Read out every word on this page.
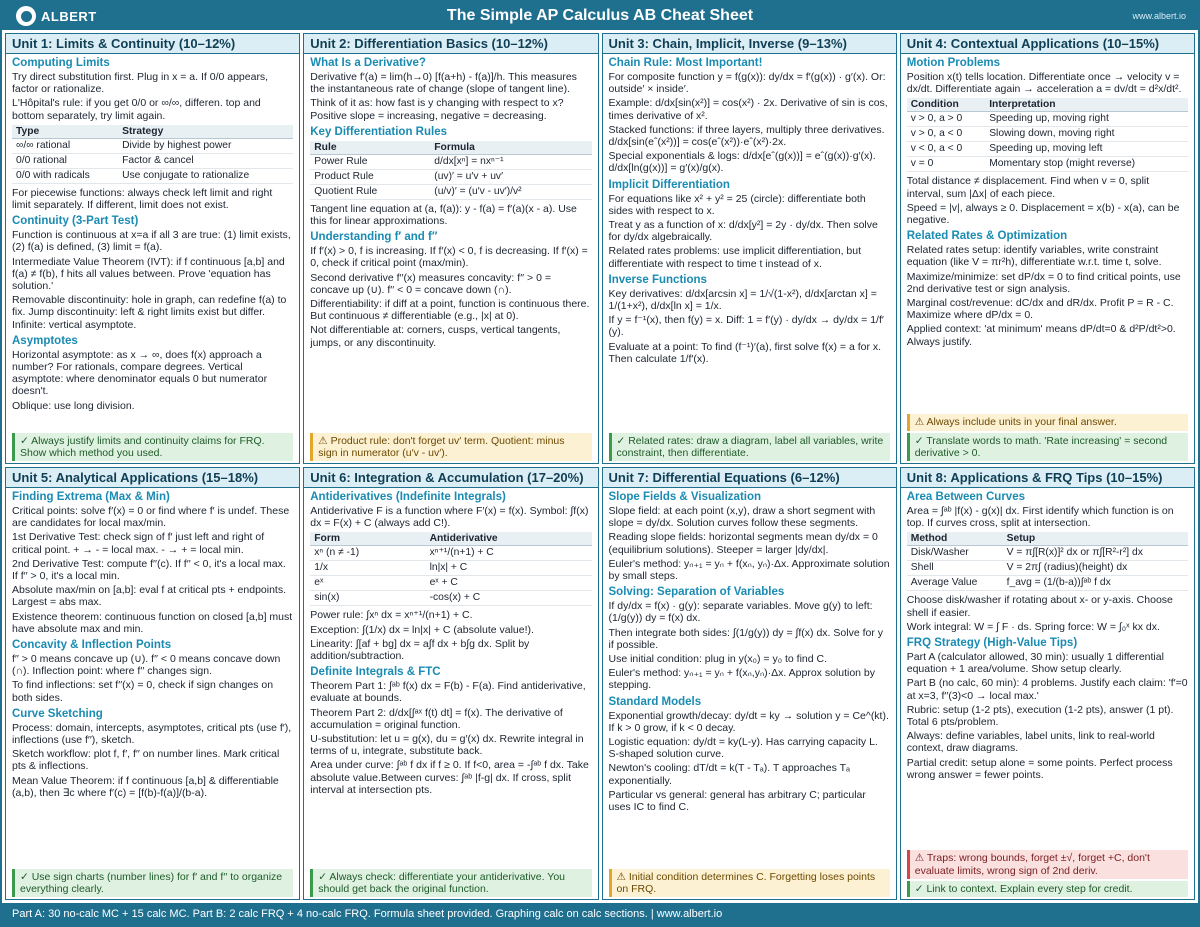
ALBERT	The Simple AP Calculus AB Cheat Sheet	www.albert.io
Unit 1: Limits & Continuity (10–12%)
Computing Limits
Try direct substitution first. Plug in x = a. If 0/0 appears, factor or rationalize.
L'Hôpital's rule: if you get 0/0 or ∞/∞, differen. top and bottom separately, try limit again.
Type	Strategy
∞/∞ rational	Divide by highest power
0/0 rational	Factor & cancel
0/0 with radicals	Use conjugate to rationalize
For piecewise functions: always check left limit and right limit separately. If different, limit does not exist.
Continuity (3-Part Test)
Function is continuous at x=a if all 3 are true: (1) limit exists, (2) f(a) is defined, (3) limit = f(a).
Intermediate Value Theorem (IVT): if f continuous [a,b] and f(a) ≠ f(b), f hits all values between. Prove 'equation has solution.'
Removable discontinuity: hole in graph, can redefine f(a) to fix. Jump discontinuity: left & right limits exist but differ. Infinite: vertical asymptote.
Asymptotes
Horizontal asymptote: as x → ∞, does f(x) approach a number? For rationals, compare degrees. Vertical asymptote: where denominator equals 0 but numerator doesn't.
Oblique: use long division.
✓ Always justify limits and continuity claims for FRQ. Show which method you used.
Unit 2: Differentiation Basics (10–12%)
What Is a Derivative?
Derivative f′(a) = lim(h→0) [f(a+h) - f(a)]/h. This measures the instantaneous rate of change (slope of tangent line).
Think of it as: how fast is y changing with respect to x? Positive slope = increasing, negative = decreasing.
Key Differentiation Rules
Rule	Formula
Power Rule	d/dx[xⁿ] = nxⁿ⁻¹
Product Rule	(uv)′ = u′v + uv′
Quotient Rule	(u/v)′ = (u′v - uv′)/v²
Tangent line equation at (a, f(a)): y - f(a) = f′(a)(x - a). Use this for linear approximations.
Understanding f′ and f′′
If f′(x) > 0, f is increasing. If f′(x) < 0, f is decreasing. If f′(x) = 0, check if critical point (max/min).
Second derivative f′′(x) measures concavity: f′′ > 0 = concave up (∪). f′′ < 0 = concave down (∩).
Differentiability: if diff at a point, function is continuous there. But continuous ≠ differentiable (e.g., |x| at 0).
Not differentiable at: corners, cusps, vertical tangents, jumps, or any discontinuity.
⚠ Product rule: don't forget uv′ term. Quotient: minus sign in numerator (u′v - uv′).
Unit 3: Chain, Implicit, Inverse (9–13%)
Chain Rule: Most Important!
For composite function y = f(g(x)): dy/dx = f′(g(x)) · g′(x). Or: outside′ × inside′.
Example: d/dx[sin(x²)] = cos(x²) · 2x. Derivative of sin is cos, times derivative of x².
Stacked functions: if three layers, multiply three derivatives. d/dx[sin(eˆ(x²))] = cos(eˆ(x²))·eˆ(x²)·2x.
Special exponentials & logs: d/dx[eˆ(g(x))] = eˆ(g(x))·g′(x). d/dx[ln(g(x))] = g′(x)/g(x).
Implicit Differentiation
For equations like x² + y² = 25 (circle): differentiate both sides with respect to x.
Treat y as a function of x: d/dx[y²] = 2y · dy/dx. Then solve for dy/dx algebraically.
Related rates problems: use implicit differentiation, but differentiate with respect to time t instead of x.
Inverse Functions
Key derivatives: d/dx[arcsin x] = 1/√(1-x²), d/dx[arctan x] = 1/(1+x²), d/dx[ln x] = 1/x.
If y = f⁻¹(x), then f(y) = x. Diff: 1 = f′(y) · dy/dx → dy/dx = 1/f′(y).
Evaluate at a point: To find (f⁻¹)′(a), first solve f(x) = a for x. Then calculate 1/f′(x).
✓ Related rates: draw a diagram, label all variables, write constraint, then differentiate.
Unit 4: Contextual Applications (10–15%)
Motion Problems
Position x(t) tells location. Differentiate once → velocity v = dx/dt. Differentiate again → acceleration a = dv/dt = d²x/dt².
Condition	Interpretation
v > 0, a > 0	Speeding up, moving right
v > 0, a < 0	Slowing down, moving right
v < 0, a < 0	Speeding up, moving left
v = 0	Momentary stop (might reverse)
Total distance ≠ displacement. Find when v = 0, split interval, sum |Δx| of each piece.
Speed = |v|, always ≥ 0. Displacement = x(b) - x(a), can be negative.
Related Rates & Optimization
Related rates setup: identify variables, write constraint equation (like V = πr²h), differentiate w.r.t. time t, solve.
Maximize/minimize: set dP/dx = 0 to find critical points, use 2nd derivative test or sign analysis.
Marginal cost/revenue: dC/dx and dR/dx. Profit P = R - C. Maximize where dP/dx = 0.
Applied context: 'at minimum' means dP/dt=0 & d²P/dt²>0. Always justify.
⚠ Always include units in your final answer.
✓ Translate words to math. 'Rate increasing' = second derivative > 0.
Unit 5: Analytical Applications (15–18%)
Finding Extrema (Max & Min)
Critical points: solve f′(x) = 0 or find where f′ is undef. These are candidates for local max/min.
1st Derivative Test: check sign of f′ just left and right of critical point. + → - = local max. - → + = local min.
2nd Derivative Test: compute f′′(c). If f′′ < 0, it's a local max. If f′′ > 0, it's a local min.
Absolute max/min on [a,b]: eval f at critical pts + endpoints. Largest = abs max.
Existence theorem: continuous function on closed [a,b] must have absolute max and min.
Concavity & Inflection Points
f′′ > 0 means concave up (∪). f′′ < 0 means concave down (∩). Inflection point: where f′′ changes sign.
To find inflections: set f′′(x) = 0, check if sign changes on both sides.
Curve Sketching
Process: domain, intercepts, asymptotes, critical pts (use f′), inflections (use f′′), sketch.
Sketch workflow: plot f, f′, f′′ on number lines. Mark critical pts & inflections.
Mean Value Theorem: if f continuous [a,b] & differentiable (a,b), then ∃c where f′(c) = [f(b)-f(a)]/(b-a).
✓ Use sign charts (number lines) for f′ and f′′ to organize everything clearly.
Unit 6: Integration & Accumulation (17–20%)
Antiderivatives (Indefinite Integrals)
Antiderivative F is a function where F′(x) = f(x). Symbol: ∫f(x) dx = F(x) + C (always add C!).
Form	Antiderivative
xⁿ (n ≠ -1)	xⁿ⁺¹/(n+1) + C
1/x	ln|x| + C
eˣ	eˣ + C
sin(x)	-cos(x) + C
Power rule: ∫xⁿ dx = xⁿ⁺¹/(n+1) + C.
Exception: ∫(1/x) dx = ln|x| + C (absolute value!).
Linearity: ∫[af + bg] dx = a∫f dx + b∫g dx. Split by addition/subtraction.
Definite Integrals & FTC
Theorem Part 1: ∫ᵃᵇ f(x) dx = F(b) - F(a). Find antiderivative, evaluate at bounds.
Theorem Part 2: d/dx[∫ᵃˣ f(t) dt] = f(x). The derivative of accumulation = original function.
U-substitution: let u = g(x), du = g′(x) dx. Rewrite integral in terms of u, integrate, substitute back.
Area under curve: ∫ᵃᵇ f dx if f ≥ 0. If f<0, area = -∫ᵃᵇ f dx. Take absolute value.Between curves: ∫ᵃᵇ |f-g| dx. If cross, split interval at intersection pts.
✓ Always check: differentiate your antiderivative. You should get back the original function.
Unit 7: Differential Equations (6–12%)
Slope Fields & Visualization
Slope field: at each point (x,y), draw a short segment with slope = dy/dx. Solution curves follow these segments.
Reading slope fields: horizontal segments mean dy/dx = 0 (equilibrium solutions). Steeper = larger |dy/dx|.
Euler's method: yₙ₊₁ = yₙ + f(xₙ, yₙ)·Δx. Approximate solution by small steps.
Solving: Separation of Variables
If dy/dx = f(x) · g(y): separate variables. Move g(y) to left: (1/g(y)) dy = f(x) dx.
Then integrate both sides: ∫(1/g(y)) dy = ∫f(x) dx. Solve for y if possible.
Use initial condition: plug in y(x₀) = y₀ to find C.
Euler's method: yₙ₊₁ = yₙ + f(xₙ,yₙ)·Δx. Approx solution by stepping.
Standard Models
Exponential growth/decay: dy/dt = ky → solution y = Ce^(kt). If k > 0 grow, if k < 0 decay.
Logistic equation: dy/dt = ky(L-y). Has carrying capacity L. S-shaped solution curve.
Newton's cooling: dT/dt = k(T - Tₐ). T approaches Tₐ exponentially.
Particular vs general: general has arbitrary C; particular uses IC to find C.
⚠ Initial condition determines C. Forgetting loses points on FRQ.
Unit 8: Applications & FRQ Tips (10–15%)
Area Between Curves
Area = ∫ᵃᵇ |f(x) - g(x)| dx. First identify which function is on top. If curves cross, split at intersection.
Method	Setup
Disk/Washer	V = π∫[R(x)]² dx or π∫[R²-r²] dx
Shell	V = 2π∫ (radius)(height) dx
Average Value	f_avg = (1/(b-a))∫ᵃᵇ f dx
Choose disk/washer if rotating about x- or y-axis. Choose shell if easier.
Work integral: W = ∫ F · ds. Spring force: W = ∫₀ˣ kx dx.
FRQ Strategy (High-Value Tips)
Part A (calculator allowed, 30 min): usually 1 differential equation + 1 area/volume. Show setup clearly.
Part B (no calc, 60 min): 4 problems. Justify each claim: 'f′=0 at x=3, f′′(3)<0 → local max.'
Rubric: setup (1-2 pts), execution (1-2 pts), answer (1 pt). Total 6 pts/problem.
Always: define variables, label units, link to real-world context, draw diagrams.
Partial credit: setup alone = some points. Perfect process wrong answer = fewer points.
⚠ Traps: wrong bounds, forget ±√, forget +C, don't evaluate limits, wrong sign of 2nd deriv.
✓ Link to context. Explain every step for credit.
Part A: 30 no-calc MC + 15 calc MC. Part B: 2 calc FRQ + 4 no-calc FRQ. Formula sheet provided. Graphing calc on calc sections. | www.albert.io
